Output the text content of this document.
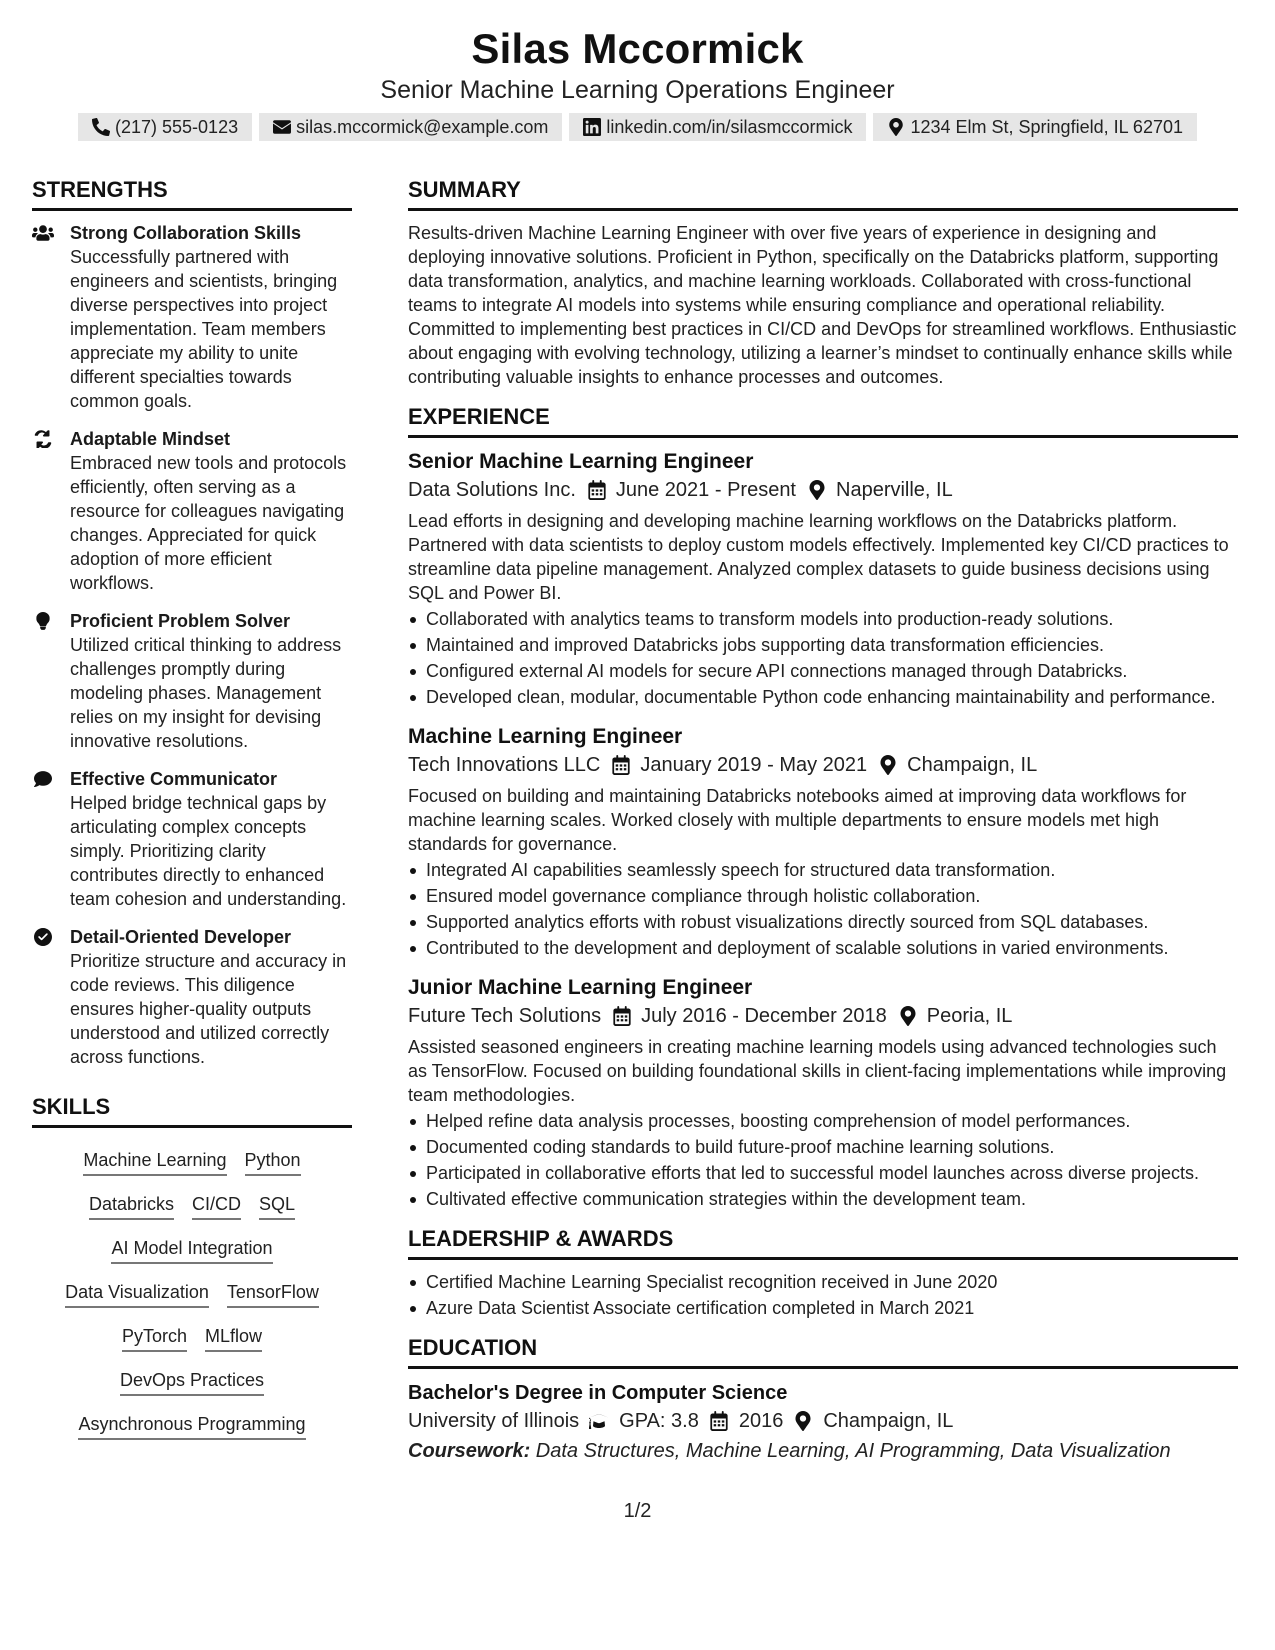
Silas Mccormick
Senior Machine Learning Operations Engineer
(217) 555-0123	silas.mccormick@example.com	linkedin.com/in/silasmccormick	1234 Elm St, Springfield, IL 62701
STRENGTHS
Strong Collaboration Skills
Successfully partnered with engineers and scientists, bringing diverse perspectives into project implementation. Team members appreciate my ability to unite different specialties towards common goals.
Adaptable Mindset
Embraced new tools and protocols efficiently, often serving as a resource for colleagues navigating changes. Appreciated for quick adoption of more efficient workflows.
Proficient Problem Solver
Utilized critical thinking to address challenges promptly during modeling phases. Management relies on my insight for devising innovative resolutions.
Effective Communicator
Helped bridge technical gaps by articulating complex concepts simply. Prioritizing clarity contributes directly to enhanced team cohesion and understanding.
Detail-Oriented Developer
Prioritize structure and accuracy in code reviews. This diligence ensures higher-quality outputs understood and utilized correctly across functions.
SKILLS
Machine Learning Python
Databricks CI/CD SQL
AI Model Integration
Data Visualization TensorFlow
PyTorch MLflow
DevOps Practices
Asynchronous Programming
SUMMARY
Results-driven Machine Learning Engineer with over five years of experience in designing and deploying innovative solutions. Proficient in Python, specifically on the Databricks platform, supporting data transformation, analytics, and machine learning workloads. Collaborated with cross-functional teams to integrate AI models into systems while ensuring compliance and operational reliability. Committed to implementing best practices in CI/CD and DevOps for streamlined workflows. Enthusiastic about engaging with evolving technology, utilizing a learner’s mindset to continually enhance skills while contributing valuable insights to enhance processes and outcomes.
EXPERIENCE
Senior Machine Learning Engineer
Data Solutions Inc. June 2021 - Present Naperville, IL
Lead efforts in designing and developing machine learning workflows on the Databricks platform. Partnered with data scientists to deploy custom models effectively. Implemented key CI/CD practices to streamline data pipeline management. Analyzed complex datasets to guide business decisions using SQL and Power BI.
Collaborated with analytics teams to transform models into production-ready solutions.
Maintained and improved Databricks jobs supporting data transformation efficiencies.
Configured external AI models for secure API connections managed through Databricks.
Developed clean, modular, documentable Python code enhancing maintainability and performance.
Machine Learning Engineer
Tech Innovations LLC January 2019 - May 2021 Champaign, IL
Focused on building and maintaining Databricks notebooks aimed at improving data workflows for machine learning scales. Worked closely with multiple departments to ensure models met high standards for governance.
Integrated AI capabilities seamlessly speech for structured data transformation.
Ensured model governance compliance through holistic collaboration.
Supported analytics efforts with robust visualizations directly sourced from SQL databases.
Contributed to the development and deployment of scalable solutions in varied environments.
Junior Machine Learning Engineer
Future Tech Solutions July 2016 - December 2018 Peoria, IL
Assisted seasoned engineers in creating machine learning models using advanced technologies such as TensorFlow. Focused on building foundational skills in client-facing implementations while improving team methodologies.
Helped refine data analysis processes, boosting comprehension of model performances.
Documented coding standards to build future-proof machine learning solutions.
Participated in collaborative efforts that led to successful model launches across diverse projects.
Cultivated effective communication strategies within the development team.
LEADERSHIP & AWARDS
Certified Machine Learning Specialist recognition received in June 2020
Azure Data Scientist Associate certification completed in March 2021
EDUCATION
Bachelor's Degree in Computer Science
University of Illinois GPA: 3.8 2016 Champaign, IL
Coursework: Data Structures, Machine Learning, AI Programming, Data Visualization
1/2
